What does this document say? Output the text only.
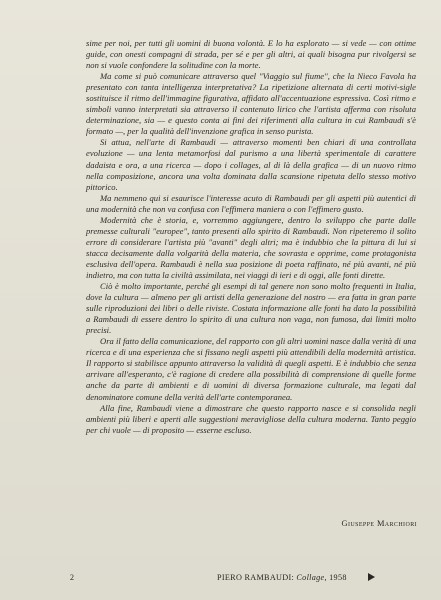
sime per noi, per tutti gli uomini di buona volontà. E lo ha esplorato — si vede — con ottime guide, con onesti compagni di strada, per sé e per gli altri, ai quali bisogna pur rivolgersi se non si vuole confondere la solitudine con la morte.

Ma come si può comunicare attraverso quel "Viaggio sul fiume", che la Nieco Favola ha presentato con tanta intelligenza interpretativa? La ripetizione alternata di certi motivi-sigle sostituisce il ritmo dell'immagine figurativa, affidato all'accentuazione espressiva. Così ritmo e simboli vanno interpretati sia attraverso il contenuto lirico che l'artista afferma con risoluta determinazione, sia — e questo conta ai fini dei riferimenti alla cultura in cui Rambaudi s'è formato —, per la qualità dell'invenzione grafica in senso purista.

Si attua, nell'arte di Rambaudi — attraverso momenti ben chiari di una controllata evoluzione — una lenta metamorfosi dal purismo a una libertà sperimentale di carattere dadaista e ora, a una ricerca — dopo i collages, al di là della grafica — di un nuovo ritmo nella composizione, ancora una volta dominata dalla scansione ripetuta dello stesso motivo pittorico.

Ma nemmeno qui si esaurisce l'interesse acuto di Rambaudi per gli aspetti più autentici di una modernità che non va confusa con l'effimera maniera o con l'effimero gusto.

Modernità che è storia, e, vorremmo aggiungere, dentro lo sviluppo che parte dalle premesse culturali "europee", tanto presenti allo spirito di Rambaudi. Non ripeteremo il solito errore di considerare l'artista più "avanti" degli altri; ma è indubbio che la pittura di lui si stacca decisamente dalla volgarità della materia, che sovrasta e opprime, come protagonista esclusiva dell'opera. Rambaudi è nella sua posizione di poeta raffinato, né più avanti, né più indietro, ma con tutta la civiltà assimilata, nei viaggi di ieri e di oggi, alle fonti dirette.

Ciò è molto importante, perché gli esempi di tal genere non sono molto frequenti in Italia, dove la cultura — almeno per gli artisti della generazione del nostro — era fatta in gran parte sulle riproduzioni dei libri o delle riviste. Costata informazione alle fonti ha dato la possibilità a Rambaudi di essere dentro lo spirito di una cultura non vaga, non fumosa, dai limiti molto precisi.

Ora il fatto della comunicazione, del rapporto con gli altri uomini nasce dalla verità di una ricerca e di una esperienza che si fissano negli aspetti più attendibili della modernità artistica. Il rapporto si stabilisce appunto attraverso la validità di quegli aspetti. E è indubbio che senza arrivare all'esperanto, c'è ragione di credere alla possibilità di comprensione di quelle forme anche da parte di ambienti e di uomini di diversa formazione culturale, ma legati dal denominatore comune della verità dell'arte contemporanea.

Alla fine, Rambaudi viene a dimostrare che questo rapporto nasce e si consolida negli ambienti più liberi e aperti alle suggestioni meravigliose della cultura moderna. Tanto peggio per chi vuole — di proposito — esserne escluso.

Giuseppe Marchiori
2	PIERO RAMBAUDI: Collage, 1958
